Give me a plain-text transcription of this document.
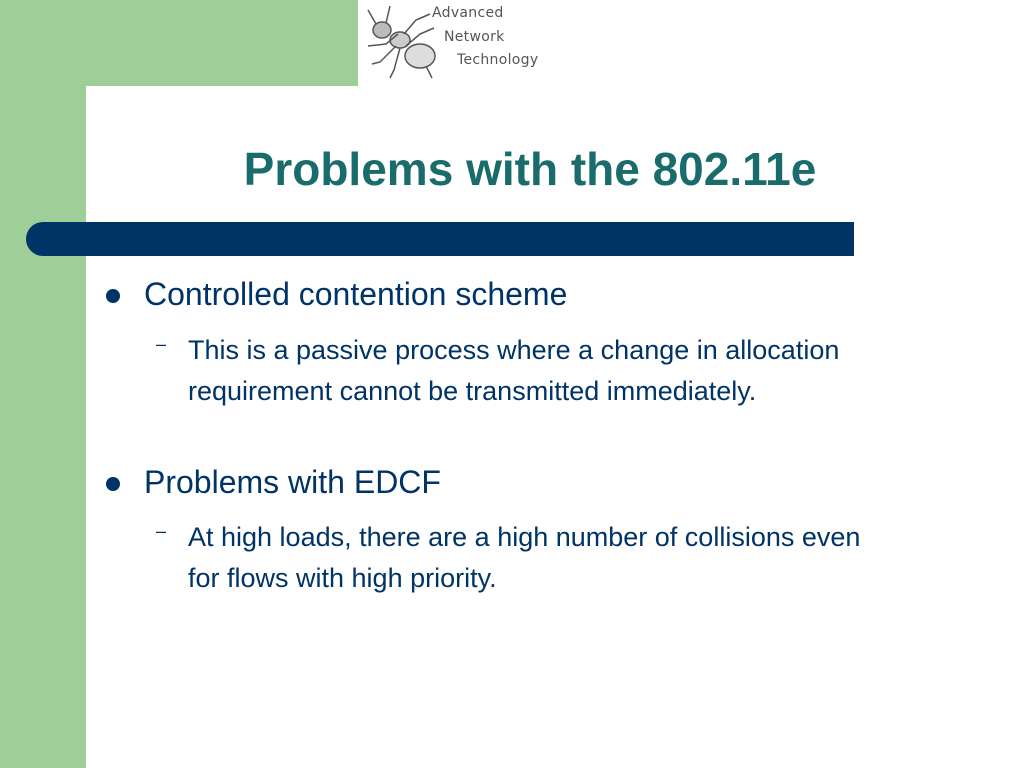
Advanced
Network
Technology
Problems with the 802.11e
Controlled contention scheme
– This is a passive process where a change in allocation requirement cannot be transmitted immediately.
Problems with EDCF
– At high loads, there are a high number of collisions even for flows with high priority.
